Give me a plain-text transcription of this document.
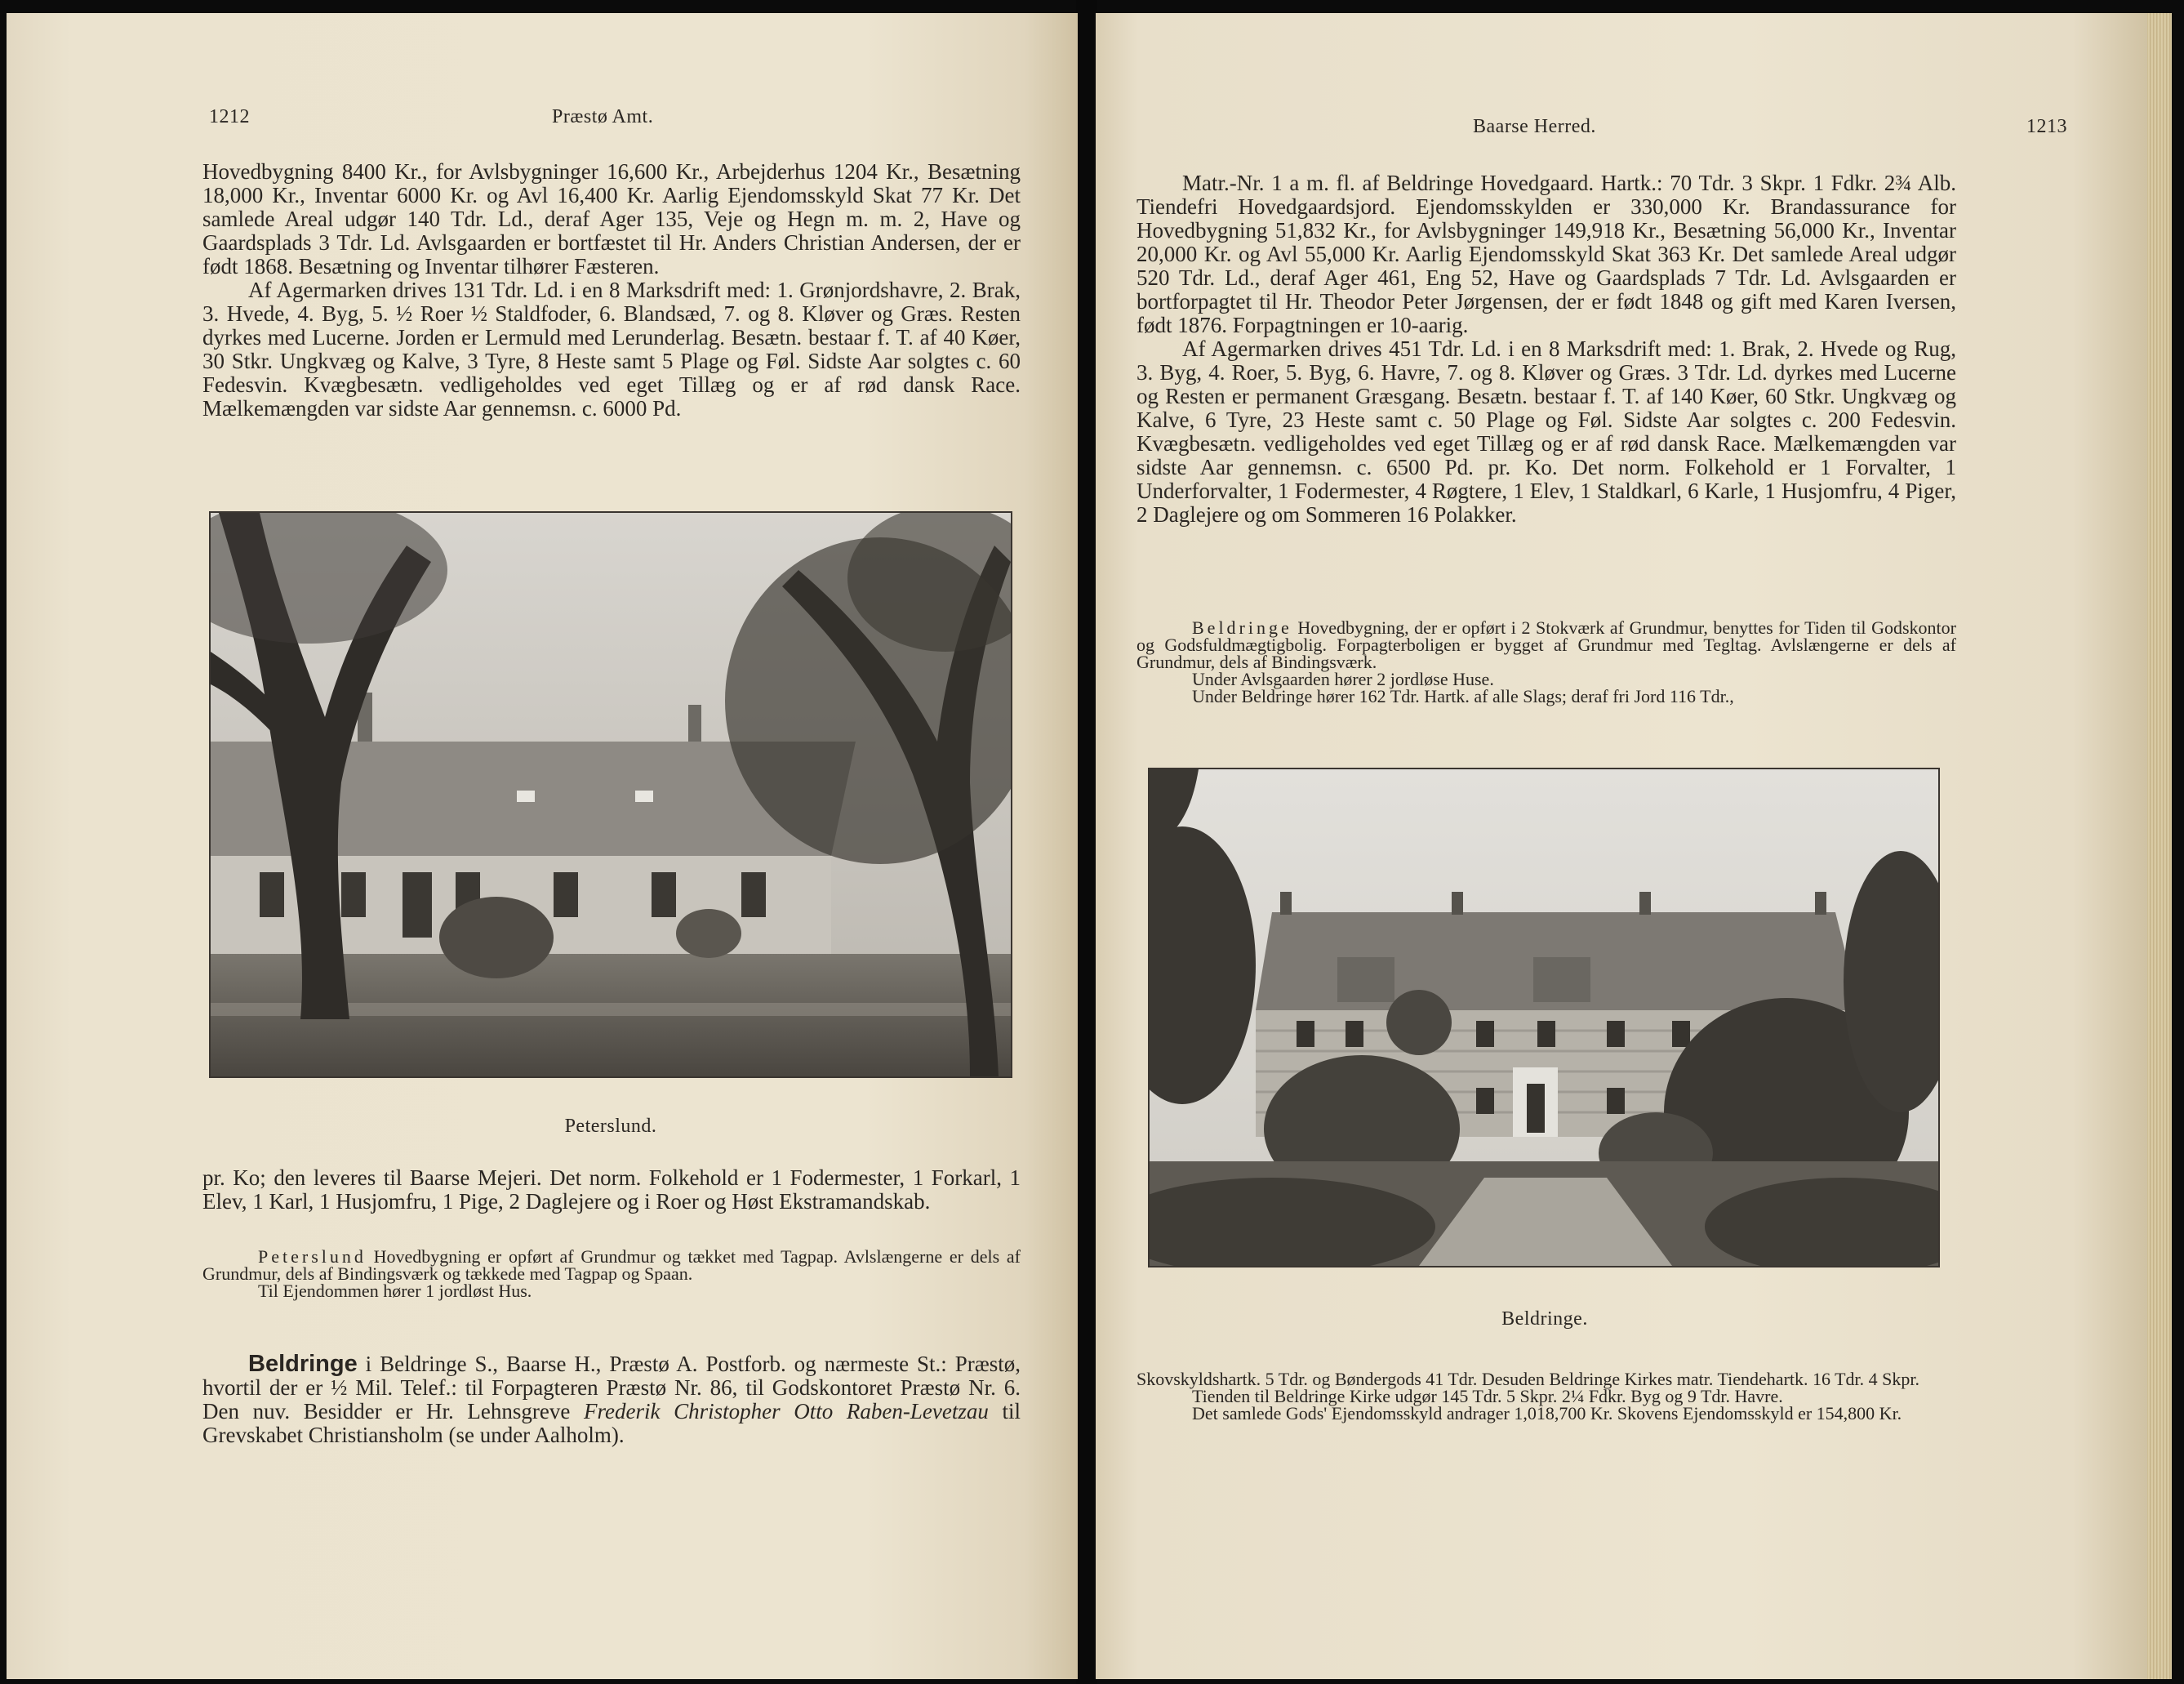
1212	Præstø Amt.

Hovedbygning 8400 Kr., for Avlsbygninger 16,600 Kr., Arbejderhus 1204 Kr., Besætning 18,000 Kr., Inventar 6000 Kr. og Avl 16,400 Kr. Aarlig Ejendomsskyld Skat 77 Kr. Det samlede Areal udgør 140 Tdr. Ld., deraf Ager 135, Veje og Hegn m. m. 2, Have og Gaardsplads 3 Tdr. Ld. Avlsgaarden er bortfæstet til Hr. Anders Christian Andersen, der er født 1868. Besætning og Inventar tilhører Fæsteren.

Af Agermarken drives 131 Tdr. Ld. i en 8 Marksdrift med: 1. Grønjordshavre, 2. Brak, 3. Hvede, 4. Byg, 5. ½ Roer ½ Staldfoder, 6. Blandsæd, 7. og 8. Kløver og Græs. Resten dyrkes med Lucerne. Jorden er Lermuld med Lerunderlag. Besætn. bestaar f. T. af 40 Køer, 30 Stkr. Ungkvæg og Kalve, 3 Tyre, 8 Heste samt 5 Plage og Føl. Sidste Aar solgtes c. 60 Fedesvin. Kvægbesætn. vedligeholdes ved eget Tillæg og er af rød dansk Race. Mælkemængden var sidste Aar gennemsn. c. 6000 Pd.

Peterslund.

pr. Ko; den leveres til Baarse Mejeri. Det norm. Folkehold er 1 Fodermester, 1 Forkarl, 1 Elev, 1 Karl, 1 Husjomfru, 1 Pige, 2 Daglejere og i Roer og Høst Ekstramandskab.

Peterslund Hovedbygning er opført af Grundmur og tækket med Tagpap. Avlslængerne er dels af Grundmur, dels af Bindingsværk og tækkede med Tagpap og Spaan.

Til Ejendommen hører 1 jordløst Hus.

Beldringe i Beldringe S., Baarse H., Præstø A. Postforb. og nærmeste St.: Præstø, hvortil der er ½ Mil. Telef.: til Forpagteren Præstø Nr. 86, til Godskontoret Præstø Nr. 6. Den nuv. Besidder er Hr. Lehnsgreve Frederik Christopher Otto Raben-Levetzau til Grevskabet Christiansholm (se under Aalholm).

Baarse Herred.	1213

Matr.-Nr. 1 a m. fl. af Beldringe Hovedgaard. Hartk.: 70 Tdr. 3 Skpr. 1 Fdkr. 2¾ Alb. Tiendefri Hovedgaardsjord. Ejendomsskylden er 330,000 Kr. Brandassurance for Hovedbygning 51,832 Kr., for Avlsbygninger 149,918 Kr., Besætning 56,000 Kr., Inventar 20,000 Kr. og Avl 55,000 Kr. Aarlig Ejendomsskyld Skat 363 Kr. Det samlede Areal udgør 520 Tdr. Ld., deraf Ager 461, Eng 52, Have og Gaardsplads 7 Tdr. Ld. Avlsgaarden er bortforpagtet til Hr. Theodor Peter Jørgensen, der er født 1848 og gift med Karen Iversen, født 1876. Forpagtningen er 10-aarig.

Af Agermarken drives 451 Tdr. Ld. i en 8 Marksdrift med: 1. Brak, 2. Hvede og Rug, 3. Byg, 4. Roer, 5. Byg, 6. Havre, 7. og 8. Kløver og Græs. 3 Tdr. Ld. dyrkes med Lucerne og Resten er permanent Græsgang. Besætn. bestaar f. T. af 140 Køer, 60 Stkr. Ungkvæg og Kalve, 6 Tyre, 23 Heste samt c. 50 Plage og Føl. Sidste Aar solgtes c. 200 Fedesvin. Kvægbesætn. vedligeholdes ved eget Tillæg og er af rød dansk Race. Mælkemængden var sidste Aar gennemsn. c. 6500 Pd. pr. Ko. Det norm. Folkehold er 1 Forvalter, 1 Underforvalter, 1 Fodermester, 4 Røgtere, 1 Elev, 1 Staldkarl, 6 Karle, 1 Husjomfru, 4 Piger, 2 Daglejere og om Sommeren 16 Polakker.

Beldringe Hovedbygning, der er opført i 2 Stokværk af Grundmur, benyttes for Tiden til Godskontor og Godsfuldmægtigbolig. Forpagterboligen er bygget af Grundmur med Tegltag. Avlslængerne er dels af Grundmur, dels af Bindingsværk.

Under Avlsgaarden hører 2 jordløse Huse.

Under Beldringe hører 162 Tdr. Hartk. af alle Slags; deraf fri Jord 116 Tdr.,

Beldringe.

Skovskyldshartk. 5 Tdr. og Bøndergods 41 Tdr. Desuden Beldringe Kirkes matr. Tiendehartk. 16 Tdr. 4 Skpr.

Tienden til Beldringe Kirke udgør 145 Tdr. 5 Skpr. 2¼ Fdkr. Byg og 9 Tdr. Havre.

Det samlede Gods' Ejendomsskyld andrager 1,018,700 Kr. Skovens Ejendomsskyld er 154,800 Kr.
